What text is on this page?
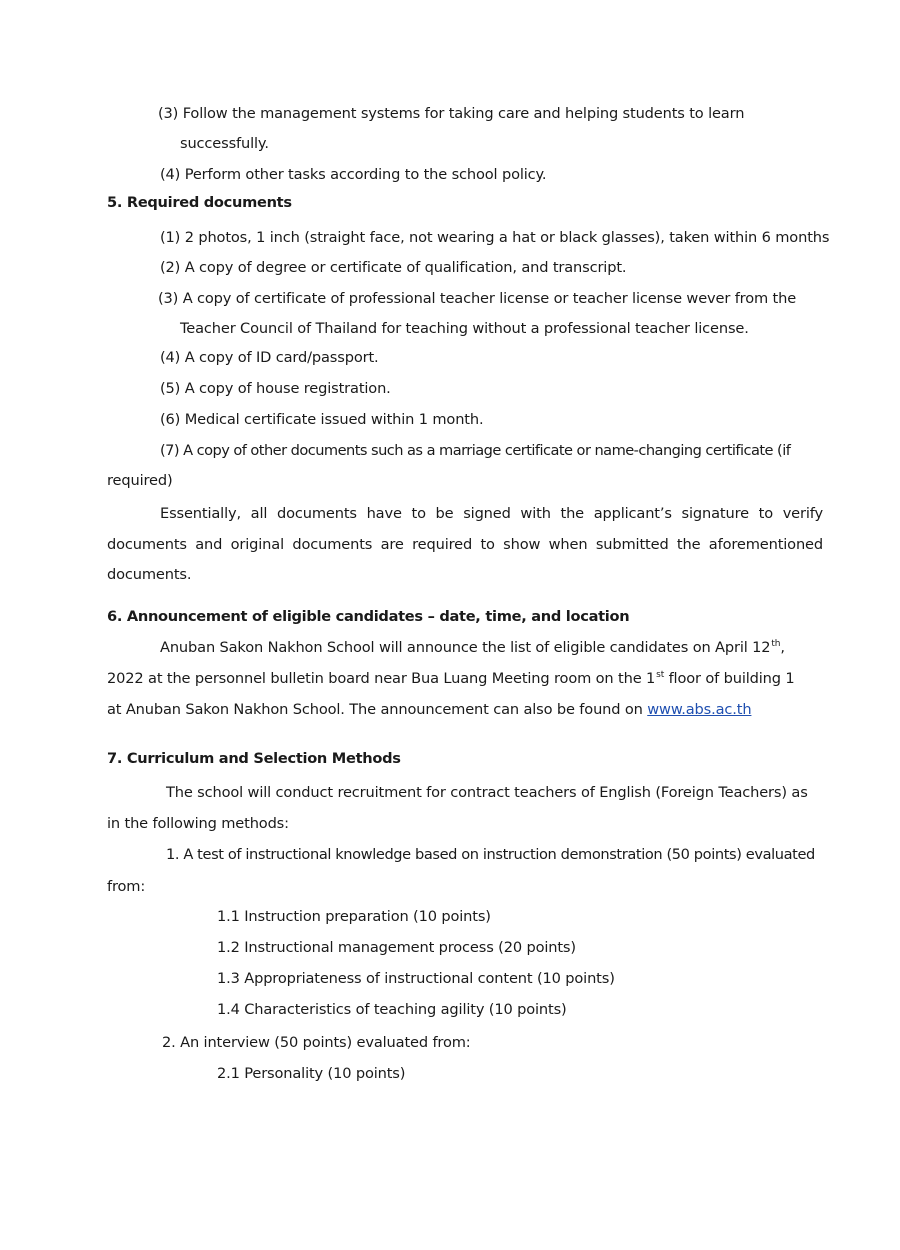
(3) Follow the management systems for taking care and helping students to learn
successfully.
(4) Perform other tasks according to the school policy.
5. Required documents
(1) 2 photos, 1 inch (straight face, not wearing a hat or black glasses), taken within 6 months
(2) A copy of degree or certificate of qualification, and transcript.
(3) A copy of certificate of professional teacher license or teacher license wever from the
Teacher Council of Thailand for teaching without a professional teacher license.
(4) A copy of ID card/passport.
(5) A copy of house registration.
(6) Medical certificate issued within 1 month.
(7) A copy of other documents such as a marriage certificate or name-changing certificate (if
required)
Essentially, all documents have to be signed with the applicant’s signature to verify
documents and original documents are required to show when submitted the aforementioned
documents.
6. Announcement of eligible candidates – date, time, and location
Anuban Sakon Nakhon School will announce the list of eligible candidates on April 12th,
2022 at the personnel bulletin board near Bua Luang Meeting room on the 1st floor of building 1
at Anuban Sakon Nakhon School. The announcement can also be found on www.abs.ac.th
7. Curriculum and Selection Methods
The school will conduct recruitment for contract teachers of English (Foreign Teachers) as
in the following methods:
1. A test of instructional knowledge based on instruction demonstration (50 points) evaluated
from:
1.1 Instruction preparation (10 points)
1.2 Instructional management process (20 points)
1.3 Appropriateness of instructional content (10 points)
1.4 Characteristics of teaching agility (10 points)
2. An interview (50 points) evaluated from:
2.1 Personality (10 points)
